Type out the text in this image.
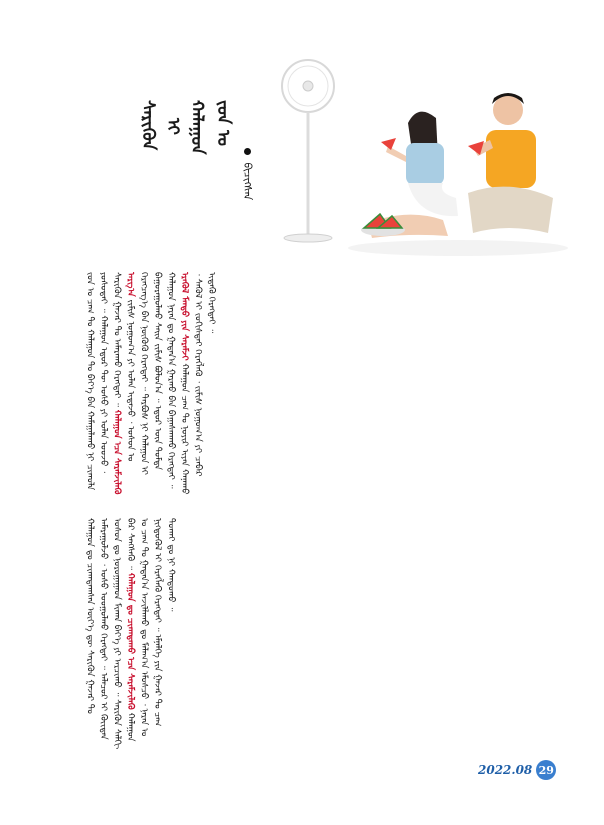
ᠵᠤᠨ ᠤ
ᠬᠠᠯᠠᠭᠤᠨ
ᠢ
ᠰᠡᠷᠢᠭᠦᠨ
ᠪᠢᠴᠢᠭᠰᠡᠨ
ᠵᠤᠨ ᠤ ᠴᠠᠭ ᠲᠤ ᠬᠠᠯᠠᠭᠤᠨ ᠲᠤ ᠪᠡᠶ᠎ᠡ ᠪᠡᠨ ᠬᠠᠮᠠᠭᠠᠯᠠᠬᠤ ᠨᠢ ᠴᠢᠬᠤᠯᠠ ᠶᠤᠰᠤᠲᠠᠢ ᠃ ᠬᠠᠯᠠᠭᠤᠨ ᠡᠳᠦᠷ ᠲᠦ ᠤᠰᠤ ᠶᠢ ᠣᠯᠠᠨ ᠤᠤᠵᠤ ᠂ ᠰᠡᠷᠢᠭᠦᠨ ᠭᠠᠵᠠᠷ ᠲᠤ ᠠᠮᠠᠷᠠᠬᠤ ᠬᠡᠷᠡᠭᠲᠡᠢ ᠃ ᠬᠠᠯᠠᠭᠤᠨ ᠡᠴᠡ ᠰᠡᠷᠡᠮᠵᠢᠯᠡᠬᠦ ᠠᠷᠭ᠎ᠠ ᠵᠢᠮᠢᠰ ᠨᠤᠭᠤᠭ᠎ᠠ ᠶᠢ ᠣᠯᠠᠨ ᠢᠳᠡᠵᠦ ᠂ ᠤᠰᠤᠨ ᠤ ᠬᠡᠷᠡᠭᠴᠡᠭ᠎ᠡ ᠪᠡᠨ ᠨᠦᠬᠦᠬᠦ ᠬᠡᠷᠡᠭᠲᠡᠢ ᠃ ᠳᠠᠷᠪᠤᠰ ᠨᠢ ᠬᠠᠯᠠᠭᠤᠨ ᠢ ᠪᠠᠭᠤᠷᠠᠭᠤᠯᠬᠤ ᠰᠠᠢᠨ ᠵᠢᠮᠢᠰ ᠪᠣᠯᠤᠨ᠎ᠠ ᠃ ᠡᠳᠦᠷ ᠦᠨ ᠳᠤᠮᠳᠠ ᠬᠠᠯᠠᠭᠤᠨ ᠨᠠᠷᠠᠨ ᠳᠤ ᠭᠠᠳᠠᠨ᠎ᠠ ᠭᠠᠷᠬᠤ ᠪᠠᠨ ᠪᠠᠭᠠᠰᠬᠠᠬᠤ ᠬᠡᠷᠡᠭᠲᠡᠢ ᠃ ᠡᠷᠡᠭᠦᠯ ᠮᠡᠨᠳᠦ ᠶᠢᠨ ᠰᠡᠷᠡᠮᠵᠢ ᠬᠠᠯᠠᠭᠤᠨ ᠴᠠᠭ ᠲᠤ ᠨᠣᠶᠢᠷ ᠢᠶᠠᠨ ᠬᠠᠨᠠᠬᠤ ᠂ ᠰᠡᠬᠦᠯ ᠢ ᠵᠣᠬᠢᠰᠲᠠᠢ ᠬᠡᠷᠡᠭᠯᠡᠬᠦ ᠂ ᠵᠢᠮᠢᠰ ᠨᠤᠭᠤᠭ᠎ᠠ ᠶᠢ ᠴᠡᠪᠡᠷ ᠢᠳᠡᠬᠦ ᠬᠡᠷᠡᠭᠲᠡᠢ ᠃
ᠬᠠᠯᠠᠭᠤᠨ ᠳᠤ ᠴᠢᠬᠠᠳᠠᠭᠰᠠᠨ ᠦᠶ᠎ᠡ ᠳᠦ ᠰᠡᠷᠢᠭᠦᠨ ᠭᠠᠵᠠᠷ ᠲᠤ ᠠᠮᠠᠷᠠᠭᠤᠯᠵᠤ ᠂ ᠤᠰᠤ ᠤᠤᠭᠤᠯᠬᠤ ᠬᠡᠷᠡᠭᠲᠡᠢ ᠃ ᠠᠯᠠᠴᠤᠷ ᠢ ᠬᠦᠢᠲᠡᠨ ᠤᠰᠤᠨ ᠳᠤ ᠨᠣᠷᠣᠭᠠᠭᠠᠳ ᠮᠢᠬᠠᠨ ᠪᠡᠶ᠎ᠡ ᠶᠢ ᠠᠷᠴᠢᠬᠤ ᠃ ᠰᠡᠷᠢᠭᠦᠨ ᠰᠠᠯᠬᠢ ᠪᠠᠷ ᠰᠡᠩᠰᠡᠬᠦ ᠃ ᠬᠠᠯᠠᠭᠤᠨ ᠳᠤ ᠴᠢᠬᠠᠳᠠᠬᠤ ᠡᠴᠡ ᠰᠡᠷᠡᠮᠵᠢᠯᠡᠬᠦ ᠬᠠᠯᠠᠭᠤᠨ ᠤ ᠴᠠᠭ ᠲᠤ ᠭᠠᠳᠠᠨ᠎ᠠ ᠠᠵᠢᠯᠯᠠᠬᠤ ᠳᠤ ᠮᠠᠯᠠᠭ᠎ᠠ ᠡᠮᠦᠰᠴᠦ ᠂ ᠨᠠᠷᠠᠨ ᠤ ᠨᠢᠭᠳᠦᠭᠦᠯ ᠢ ᠬᠡᠷᠡᠭᠯᠡᠬᠦ ᠬᠡᠷᠡᠭᠲᠡᠢ ᠃ ᠡᠮᠨᠡᠯᠭᠡ ᠶᠢᠨ ᠭᠠᠵᠠᠷ ᠲᠤ ᠴᠠᠭ ᠲᠤᠬᠠᠢ ᠳᠤ ᠨᠢ ᠬᠠᠨᠳᠤᠬᠤ ᠃
2022.08 29
